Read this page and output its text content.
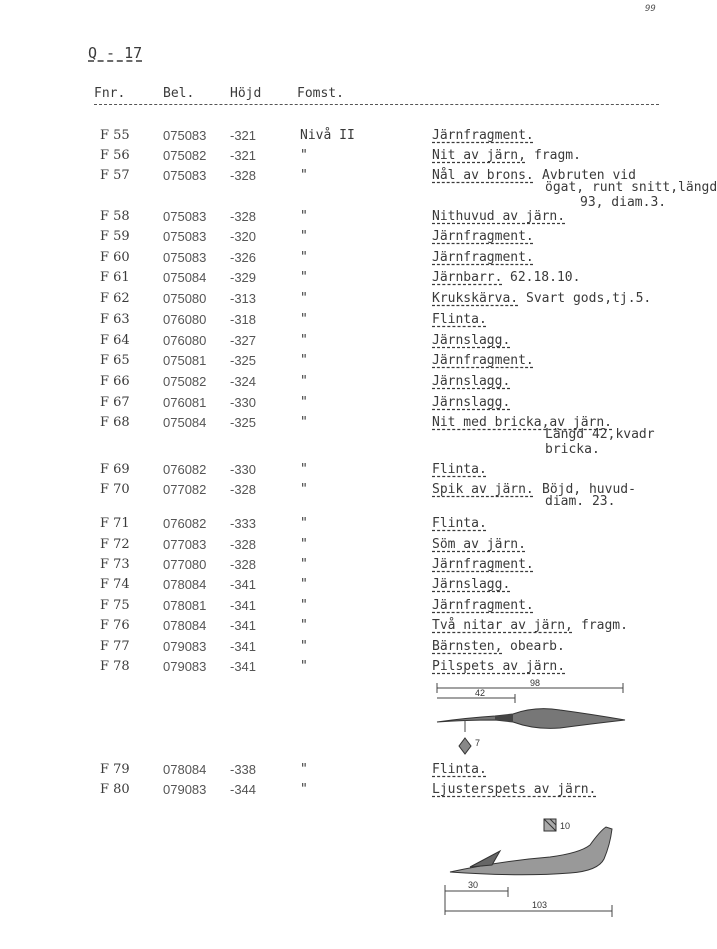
99
Q - 17
Fnr.	Bel.	Höjd	Fomst.
F 55	075083 -321	Nivå II	Järnfragment.
F 56	075082 -321	"	Nit av järn, fragm.
F 57	075083 -328	"	Nål av brons. Avbruten vid
ögat, runt snitt,längd
93, diam.3.
F 58	075083 -328	"	Nithuvud av järn.
F 59	075083 -320	"	Järnfragment.
F 60	075083 -326	"	Järnfragment.
F 61	075084 -329	"	Järnbarr. 62.18.10.
F 62	075080 -313	"	Krukskärva. Svart gods,tj.5.
F 63	076080 -318	"	Flinta.
F 64	076080 -327	"	Järnslagg.
F 65	075081 -325	"	Järnfragment.
F 66	075082 -324	"	Järnslagg.
F 67	076081 -330	"	Järnslagg.
F 68	075084 -325	"	Nit med bricka,av järn.
Längd 42,kvadr
bricka.
F 69	076082 -330	"	Flinta.
F 70	077082 -328	"	Spik av järn. Böjd, huvud-
diam. 23.
F 71	076082 -333	"	Flinta.
F 72	077083 -328	"	Söm av järn.
F 73	077080 -328	"	Järnfragment.
F 74	078084 -341	"	Järnslagg.
F 75	078081 -341	"	Järnfragment.
F 76	078084 -341	"	Två nitar av järn, fragm.
F 77	079083 -341	"	Bärnsten, obearb.
F 78	079083 -341	"	Pilspets av järn.
F 79	078084 -338	"	Flinta.
F 80	079083 -344	"	Ljusterspets av järn.
98
42
7
10
30
103
